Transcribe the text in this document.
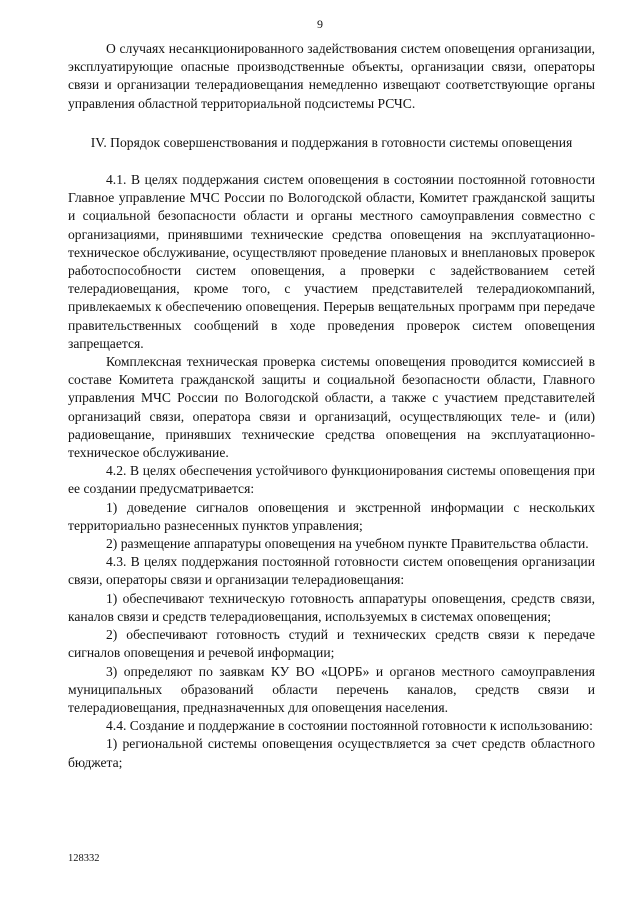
9

О случаях несанкционированного задействования систем оповещения организации, эксплуатирующие опасные производственные объекты, организации связи, операторы связи и организации телерадиовещания немедленно извещают соответствующие органы управления областной территориальной подсистемы РСЧС.

IV. Порядок совершенствования и поддержания в готовности системы оповещения

4.1. В целях поддержания систем оповещения в состоянии постоянной готовности Главное управление МЧС России по Вологодской области, Комитет гражданской защиты и социальной безопасности области и органы местного самоуправления совместно с организациями, принявшими технические средства оповещения на эксплуатационно-техническое обслуживание, осуществляют проведение плановых и внеплановых проверок работоспособности систем оповещения, а проверки с задействованием сетей телерадиовещания, кроме того, с участием представителей телерадиокомпаний, привлекаемых к обеспечению оповещения. Перерыв вещательных программ при передаче правительственных сообщений в ходе проведения проверок систем оповещения запрещается.

Комплексная техническая проверка системы оповещения проводится комиссией в составе Комитета гражданской защиты и социальной безопасности области, Главного управления МЧС России по Вологодской области, а также с участием представителей организаций связи, оператора связи и организаций, осуществляющих теле- и (или) радиовещание, принявших технические средства оповещения на эксплуатационно-техническое обслуживание.

4.2. В целях обеспечения устойчивого функционирования системы оповещения при ее создании предусматривается:

1) доведение сигналов оповещения и экстренной информации с нескольких территориально разнесенных пунктов управления;

2) размещение аппаратуры оповещения на учебном пункте Правительства области.

4.3. В целях поддержания постоянной готовности систем оповещения организации связи, операторы связи и организации телерадиовещания:

1) обеспечивают техническую готовность аппаратуры оповещения, средств связи, каналов связи и средств телерадиовещания, используемых в системах оповещения;

2) обеспечивают готовность студий и технических средств связи к передаче сигналов оповещения и речевой информации;

3) определяют по заявкам КУ ВО «ЦОРБ» и органов местного самоуправления муниципальных образований области перечень каналов, средств связи и телерадиовещания, предназначенных для оповещения населения.

4.4. Создание и поддержание в состоянии постоянной готовности к использованию:

1) региональной системы оповещения осуществляется за счет средств областного бюджета;

128332
